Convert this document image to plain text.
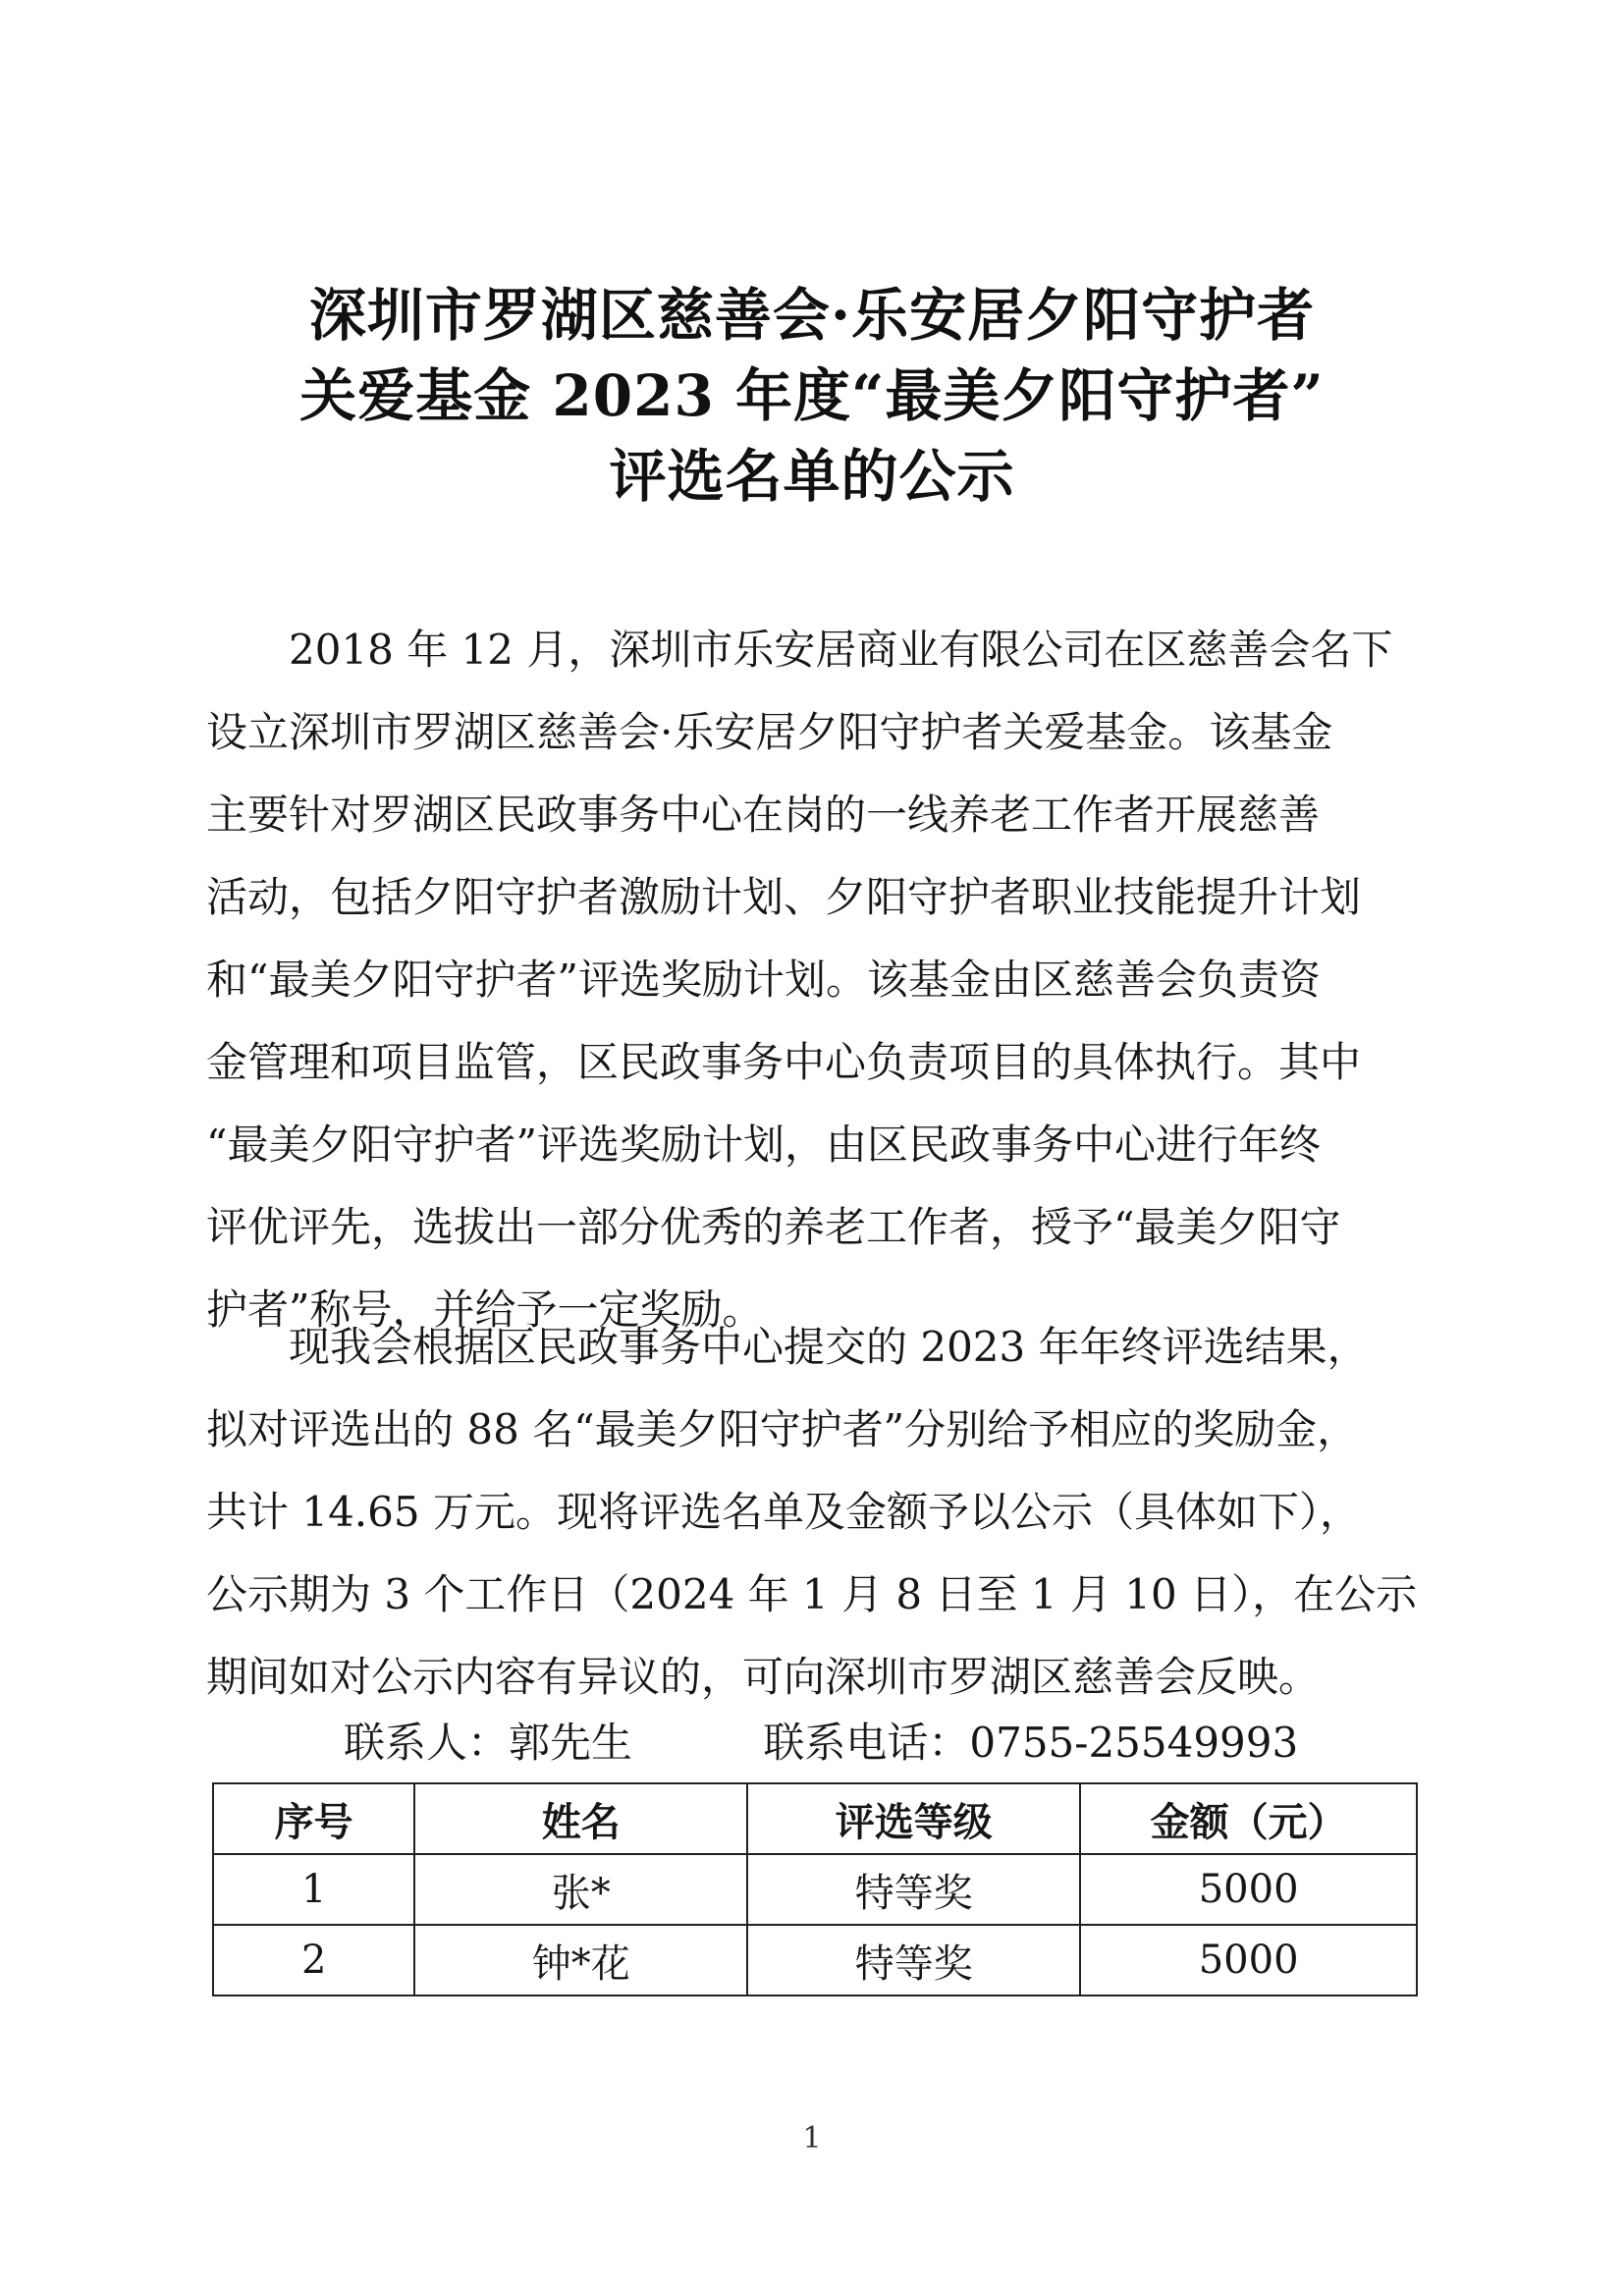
深圳市罗湖区慈善会·乐安居夕阳守护者
关爱基金 2023 年度“最美夕阳守护者”
评选名单的公示
2018 年 12 月，深圳市乐安居商业有限公司在区慈善会名下
设立深圳市罗湖区慈善会·乐安居夕阳守护者关爱基金。该基金
主要针对罗湖区民政事务中心在岗的一线养老工作者开展慈善
活动，包括夕阳守护者激励计划、夕阳守护者职业技能提升计划
和“最美夕阳守护者”评选奖励计划。该基金由区慈善会负责资
金管理和项目监管，区民政事务中心负责项目的具体执行。其中
“最美夕阳守护者”评选奖励计划，由区民政事务中心进行年终
评优评先，选拔出一部分优秀的养老工作者，授予“最美夕阳守
护者”称号，并给予一定奖励。
现我会根据区民政事务中心提交的 2023 年年终评选结果，
拟对评选出的 88 名“最美夕阳守护者”分别给予相应的奖励金，
共计 14.65 万元。现将评选名单及金额予以公示（具体如下），
公示期为 3 个工作日（2024 年 1 月 8 日至 1 月 10 日），在公示
期间如对公示内容有异议的，可向深圳市罗湖区慈善会反映。
联系人：郭先生	联系电话：0755-25549993
序号	姓名	评选等级	金额（元）
1	张*	特等奖	5000
2	钟*花	特等奖	5000
1
